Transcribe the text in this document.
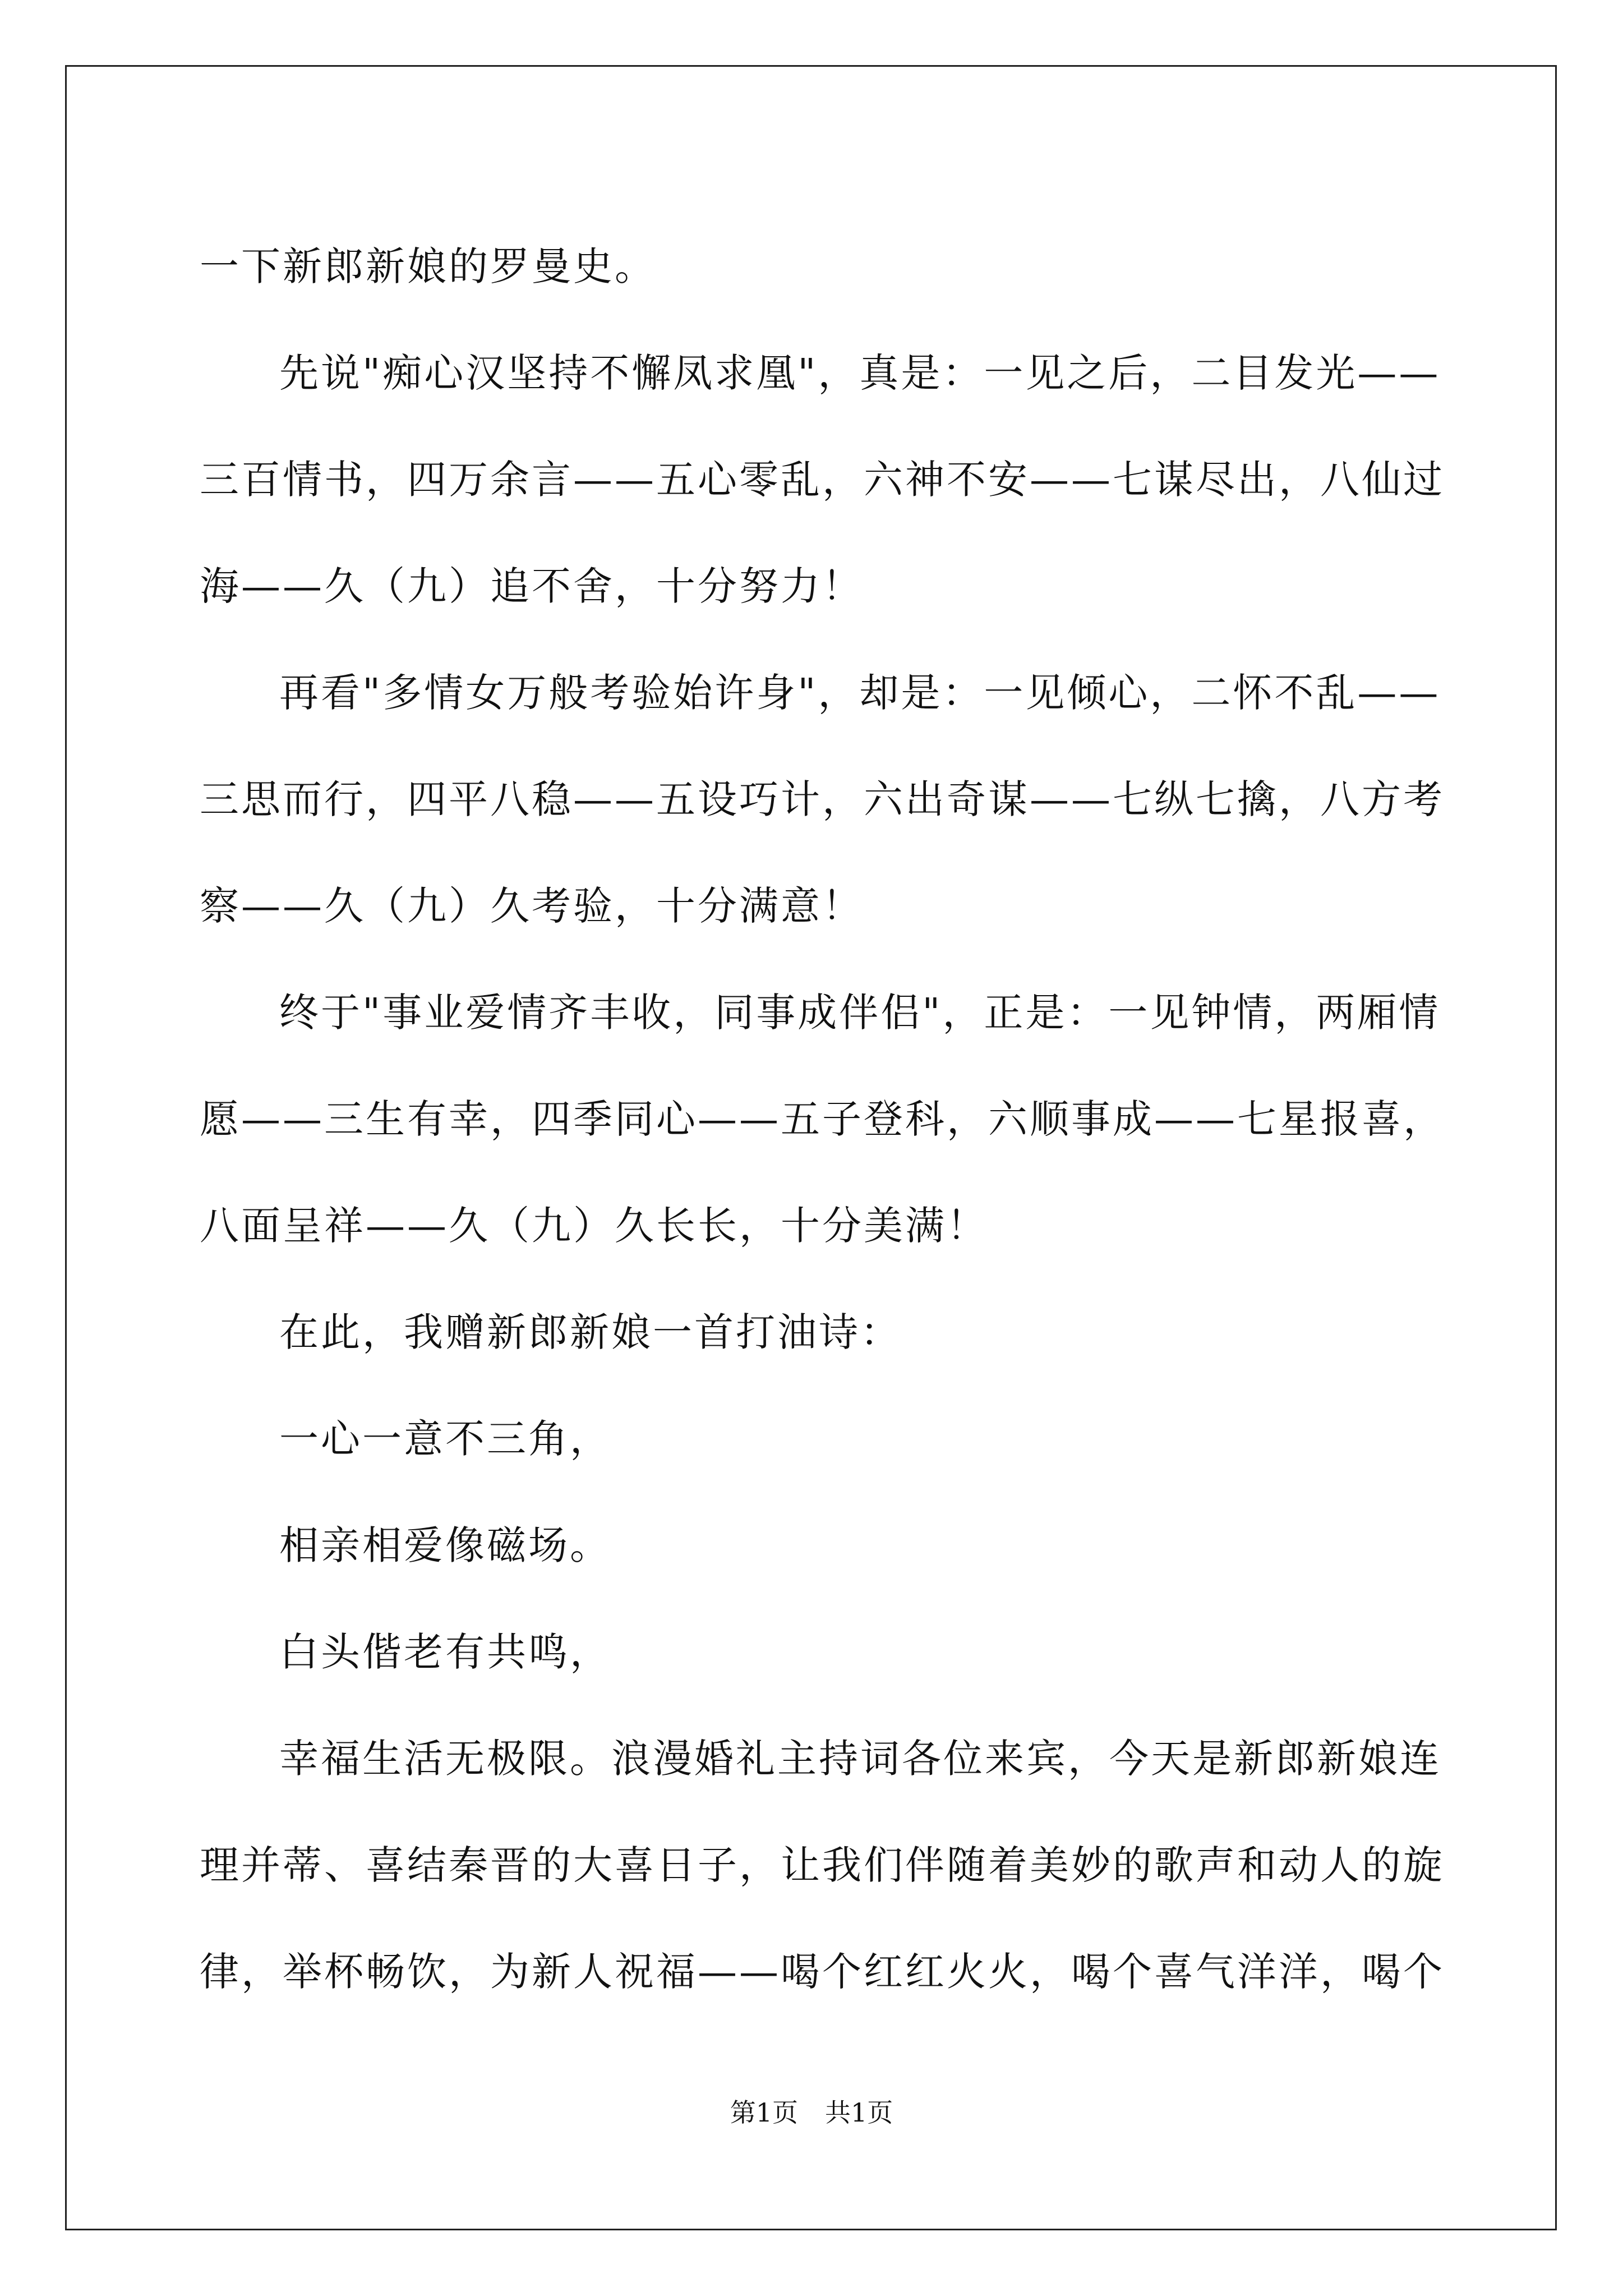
一下新郎新娘的罗曼史。
先说"痴心汉坚持不懈凤求凰"，真是：一见之后，二目发光——
三百情书，四万余言——五心零乱，六神不安——七谋尽出，八仙过
海——久（九）追不舍，十分努力！
再看"多情女万般考验始许身"，却是：一见倾心，二怀不乱——
三思而行，四平八稳——五设巧计，六出奇谋——七纵七擒，八方考
察——久（九）久考验，十分满意！
终于"事业爱情齐丰收，同事成伴侣"，正是：一见钟情，两厢情
愿——三生有幸，四季同心——五子登科，六顺事成——七星报喜，
八面呈祥——久（九）久长长，十分美满！
在此，我赠新郎新娘一首打油诗：
一心一意不三角，
相亲相爱像磁场。
白头偕老有共鸣，
幸福生活无极限。浪漫婚礼主持词各位来宾，今天是新郎新娘连
理并蒂、喜结秦晋的大喜日子，让我们伴随着美妙的歌声和动人的旋
律，举杯畅饮，为新人祝福——喝个红红火火，喝个喜气洋洋，喝个
第1页 共1页
